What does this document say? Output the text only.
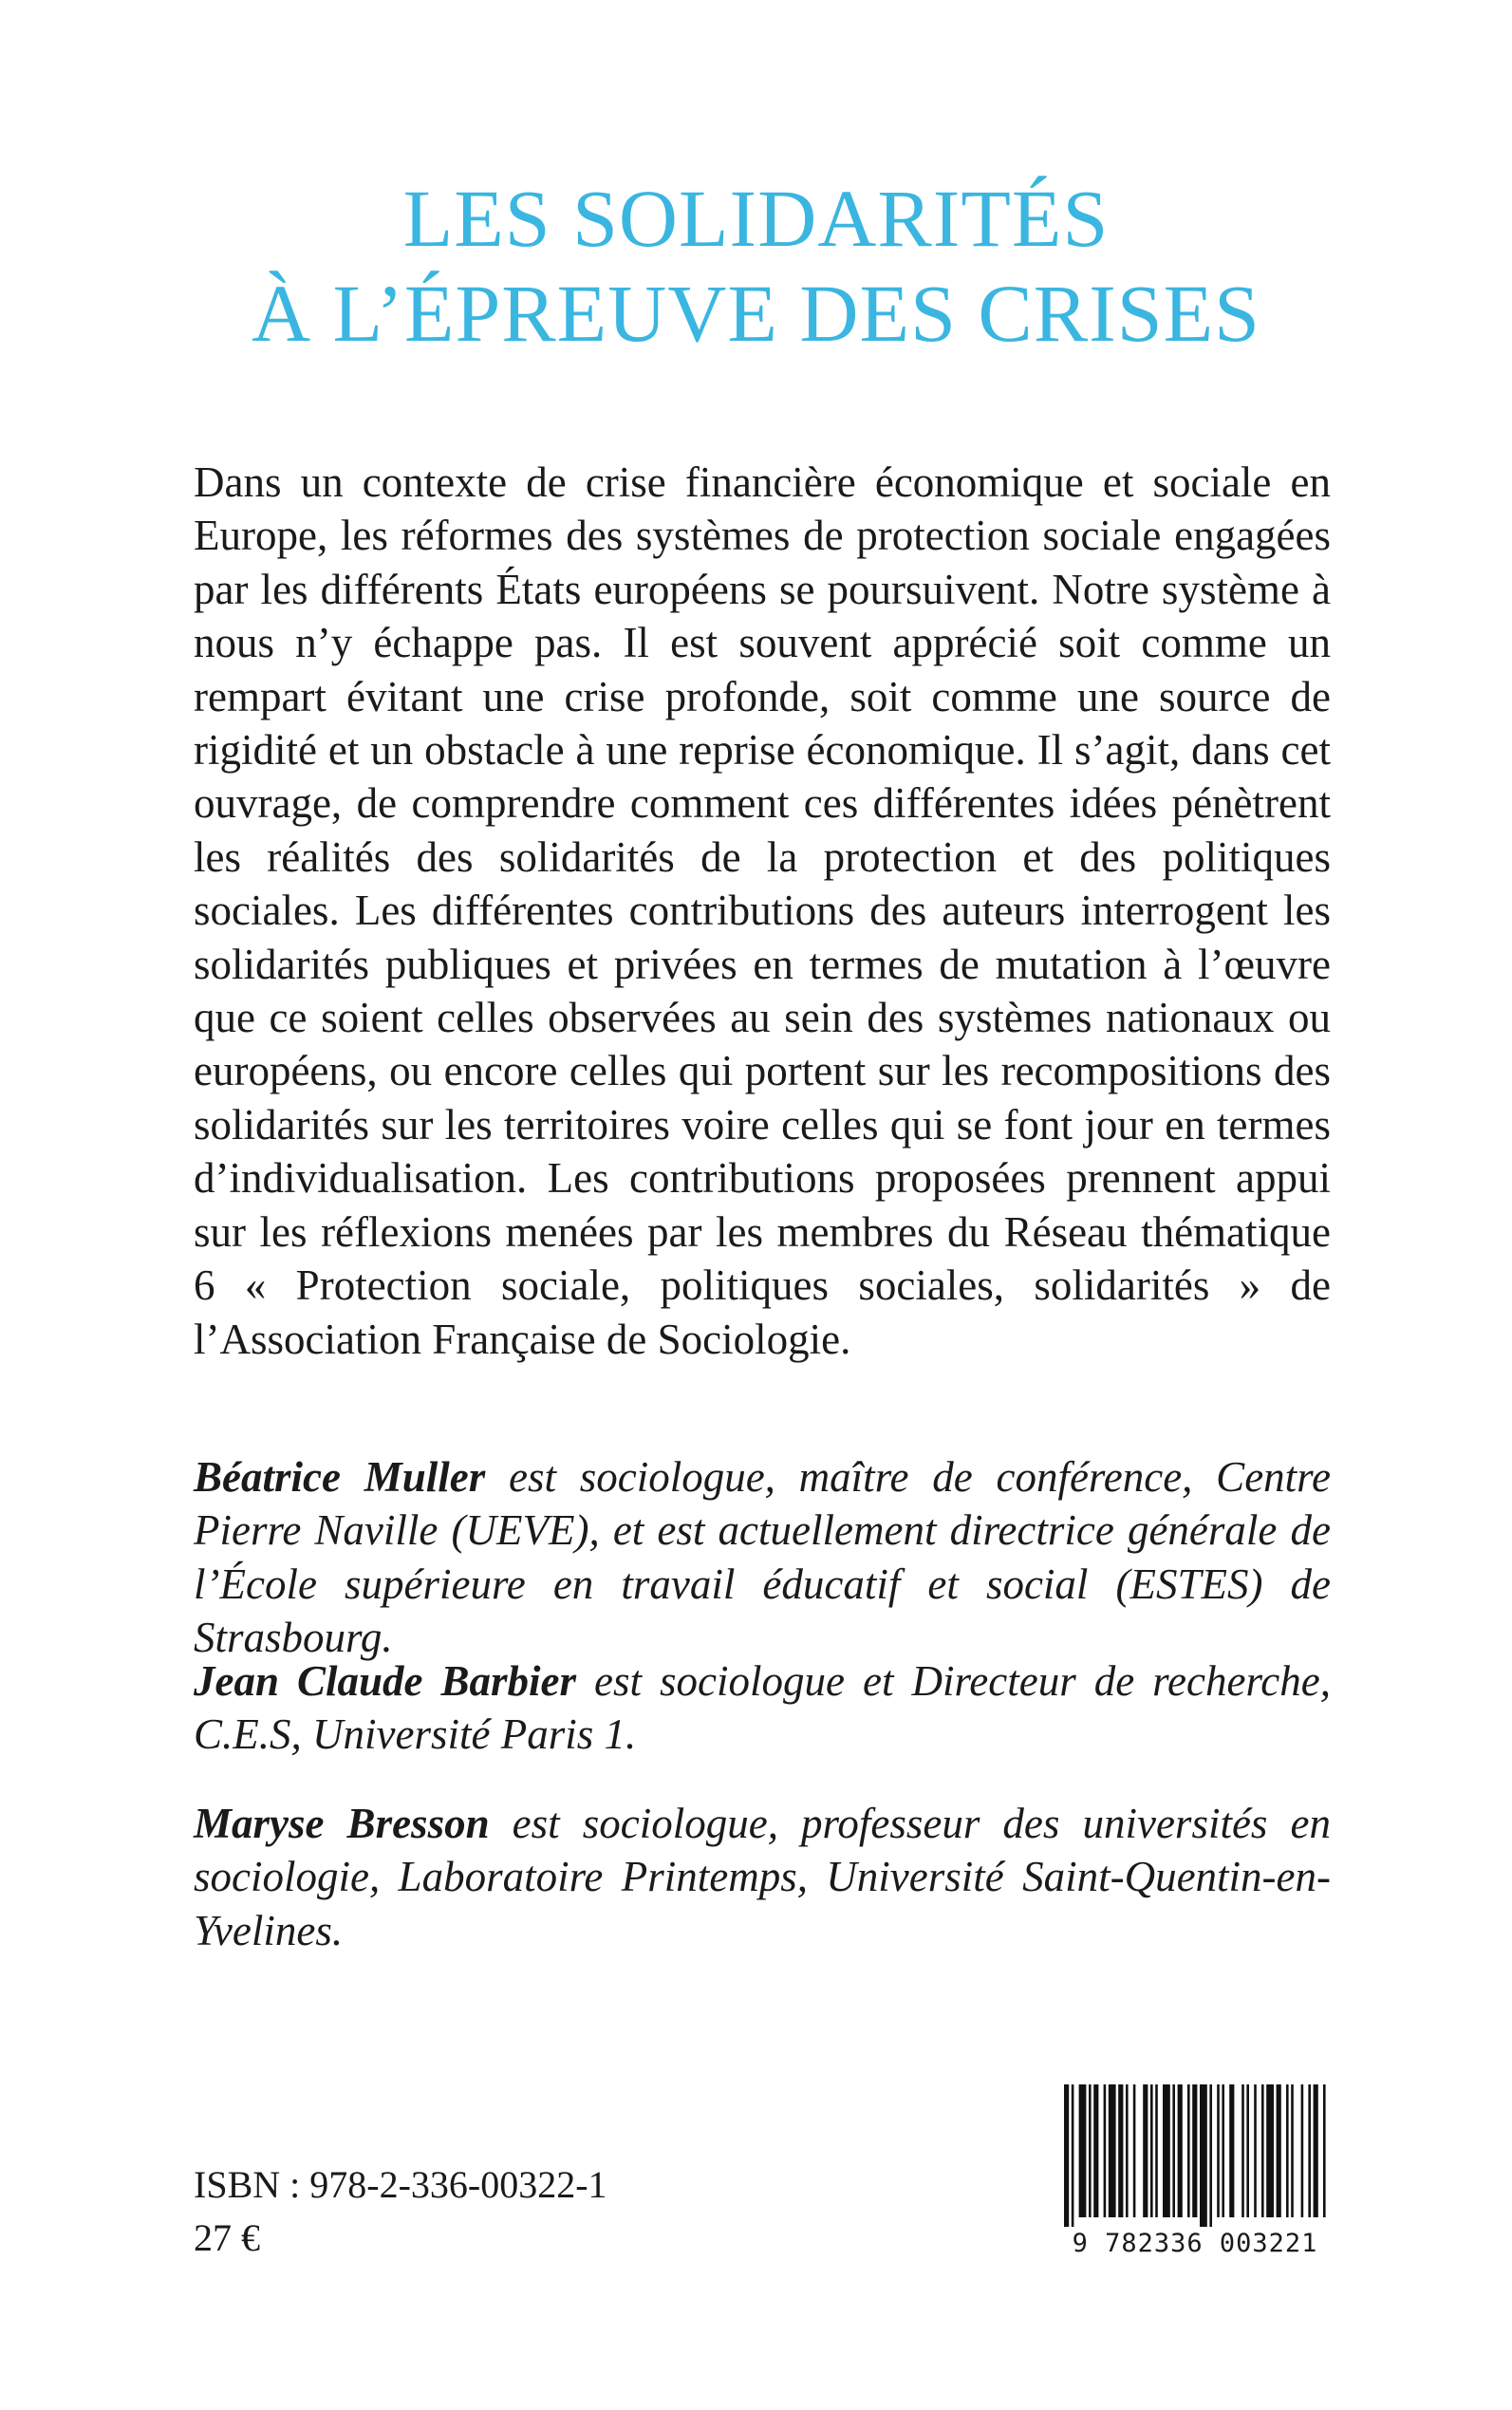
LES SOLIDARITÉS
À L’ÉPREUVE DES CRISES

Dans un contexte de crise financière économique et sociale en Europe, les réformes des systèmes de protection sociale engagées par les différents États européens se poursuivent. Notre système à nous n’y échappe pas. Il est souvent apprécié soit comme un rempart évitant une crise profonde, soit comme une source de rigidité et un obstacle à une reprise économique. Il s’agit, dans cet ouvrage, de comprendre comment ces différentes idées pénètrent les réalités des solidarités de la protection et des politiques sociales. Les différentes contributions des auteurs interrogent les solidarités publiques et privées en termes de mutation à l’œuvre que ce soient celles observées au sein des systèmes nationaux ou européens, ou encore celles qui portent sur les recompositions des solidarités sur les territoires voire celles qui se font jour en termes d’individualisation. Les contributions proposées prennent appui sur les réflexions menées par les membres du Réseau thématique 6 « Protection sociale, politiques sociales, solidarités » de l’Association Française de Sociologie.

Béatrice Muller est sociologue, maître de conférence, Centre Pierre Naville (UEVE), et est actuellement directrice générale de l’École supérieure en travail éducatif et social (ESTES) de Strasbourg.

Jean Claude Barbier est sociologue et Directeur de recherche, C.E.S, Université Paris 1.

Maryse Bresson est sociologue, professeur des universités en sociologie, Laboratoire Printemps, Université Saint-Quentin-en-Yvelines.

ISBN : 978-2-336-00322-1
27 €	9 782336 003221
